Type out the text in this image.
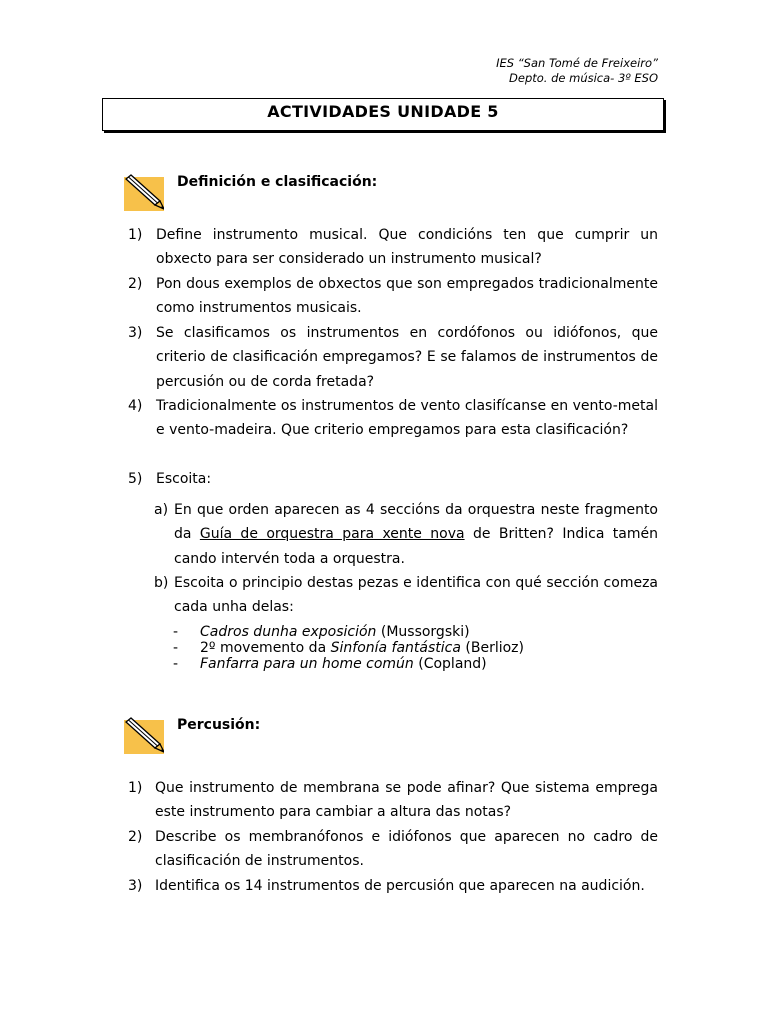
IES “San Tomé de Freixeiro”
Depto. de música- 3º ESO
ACTIVIDADES UNIDADE 5
Definición e clasificación:
1) Define instrumento musical. Que condicións ten que cumprir un obxecto para ser considerado un instrumento musical?
2) Pon dous exemplos de obxectos que son empregados tradicionalmente como instrumentos musicais.
3) Se clasificamos os instrumentos en cordófonos ou idiófonos, que criterio de clasificación empregamos? E se falamos de instrumentos de percusión ou de corda fretada?
4) Tradicionalmente os instrumentos de vento clasifícanse en vento-metal e vento-madeira. Que criterio empregamos para esta clasificación?
5) Escoita:
a) En que orden aparecen as 4 seccións da orquestra neste fragmento da Guía de orquestra para xente nova de Britten? Indica tamén cando intervén toda a orquestra.
b) Escoita o principio destas pezas e identifica con qué sección comeza cada unha delas:
- Cadros dunha exposición (Mussorgski)
- 2º movemento da Sinfonía fantástica (Berlioz)
- Fanfarra para un home común (Copland)
Percusión:
1) Que instrumento de membrana se pode afinar? Que sistema emprega este instrumento para cambiar a altura das notas?
2) Describe os membranófonos e idiófonos que aparecen no cadro de clasificación de instrumentos.
3) Identifica os 14 instrumentos de percusión que aparecen na audición.
